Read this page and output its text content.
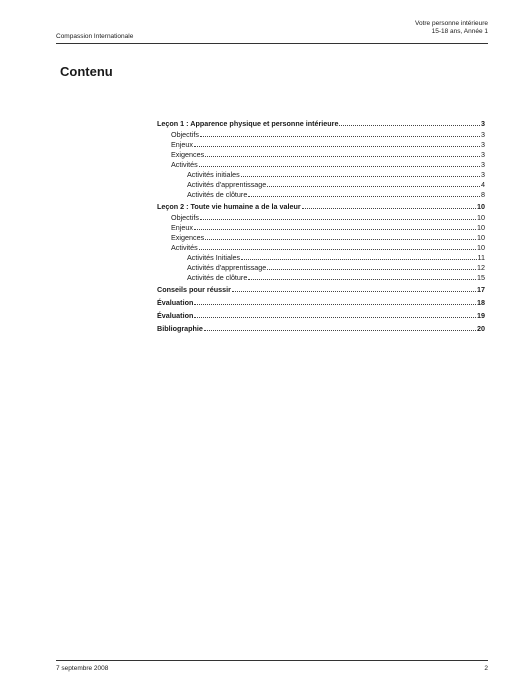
Compassion Internationale
Votre personne intérieure
15-18 ans, Année 1
Contenu
Leçon 1 : Apparence physique et personne intérieure	3
Objectifs	3
Enjeux	3
Exigences	3
Activités	3
Activités initiales	3
Activités d'apprentissage	4
Activités de clôture	8
Leçon 2 : Toute vie humaine a de la valeur	10
Objectifs	10
Enjeux	10
Exigences	10
Activités	10
Activités Initiales	11
Activités d'apprentissage	12
Activités de clôture	15
Conseils pour réussir	17
Évaluation	18
Évaluation	19
Bibliographie	20
7 septembre 2008	2
